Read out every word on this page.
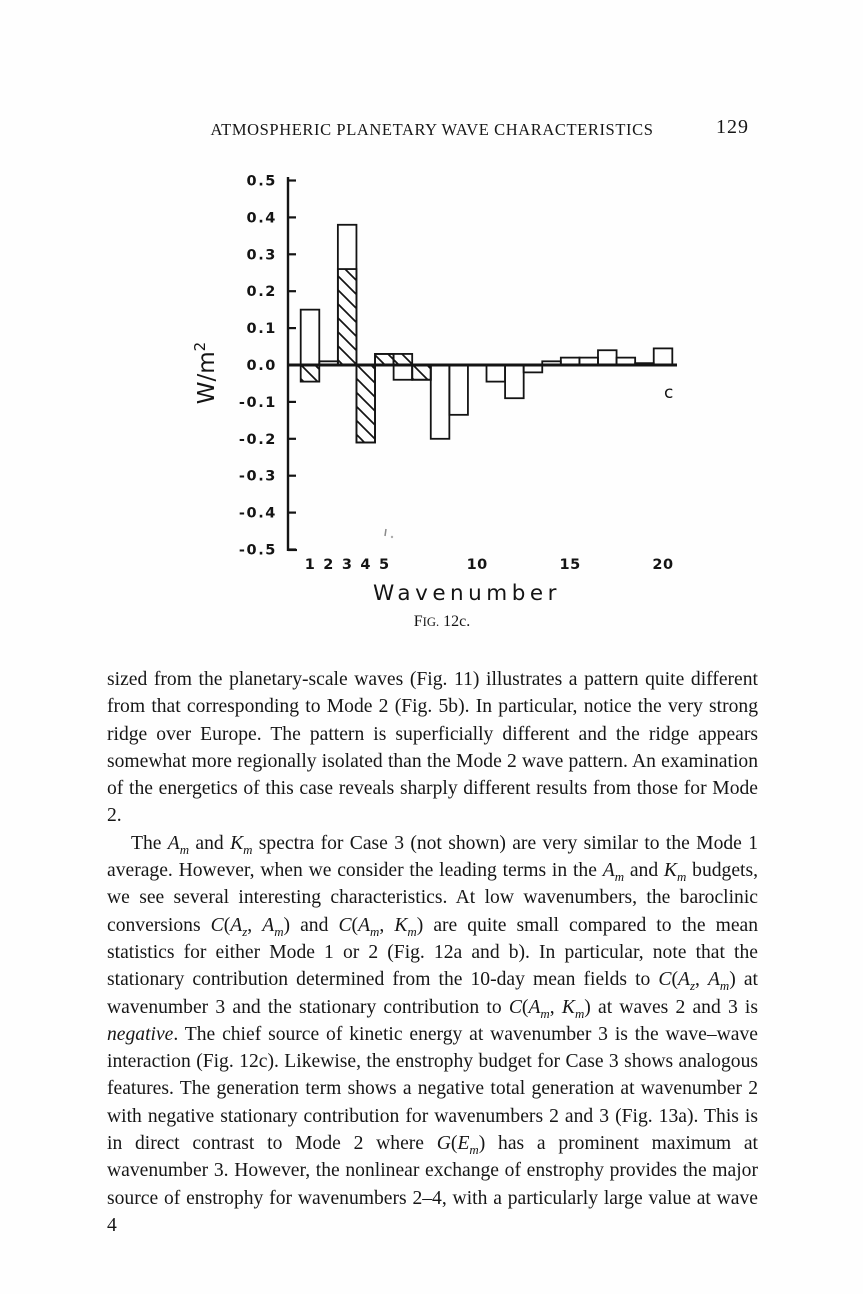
ATMOSPHERIC PLANETARY WAVE CHARACTERISTICS	129
0.5
0.4
0.3
0.2
0.1
0.0
-0.1
-0.2
-0.3
-0.4
-0.5
1 2 3 4 5	10	15	20
Wavenumber
$W/m^2$
c
FIG. 12c.

sized from the planetary-scale waves (Fig. 11) illustrates a pattern quite different from that corresponding to Mode 2 (Fig. 5b). In particular, notice the very strong ridge over Europe. The pattern is superficially different and the ridge appears somewhat more regionally isolated than the Mode 2 wave pattern. An examination of the energetics of this case reveals sharply different results from those for Mode 2.

The $A_m$ and $K_m$ spectra for Case 3 (not shown) are very similar to the Mode 1 average. However, when we consider the leading terms in the $A_m$ and $K_m$ budgets, we see several interesting characteristics. At low wavenumbers, the baroclinic conversions $C(A_z$, $A_m$) and $C(A_m$, $K_m$) are quite small compared to the mean statistics for either Mode 1 or 2 (Fig. 12a and b). In particular, note that the stationary contribution determined from the 10-day mean fields to $C(A_z$, $A_m$) at wavenumber 3 and the stationary contribution to $C(A_m$, $K_m$) at waves 2 and 3 is negative. The chief source of kinetic energy at wavenumber 3 is the wave–wave interaction (Fig. 12c). Likewise, the enstrophy budget for Case 3 shows analogous features. The generation term shows a negative total generation at wavenumber 2 with negative stationary contribution for wavenumbers 2 and 3 (Fig. 13a). This is in direct contrast to Mode 2 where $G(E_m)$ has a prominent maximum at wavenumber 3. However, the nonlinear exchange of enstrophy provides the major source of enstrophy for wavenumbers 2–4, with a particularly large value at wave 4
